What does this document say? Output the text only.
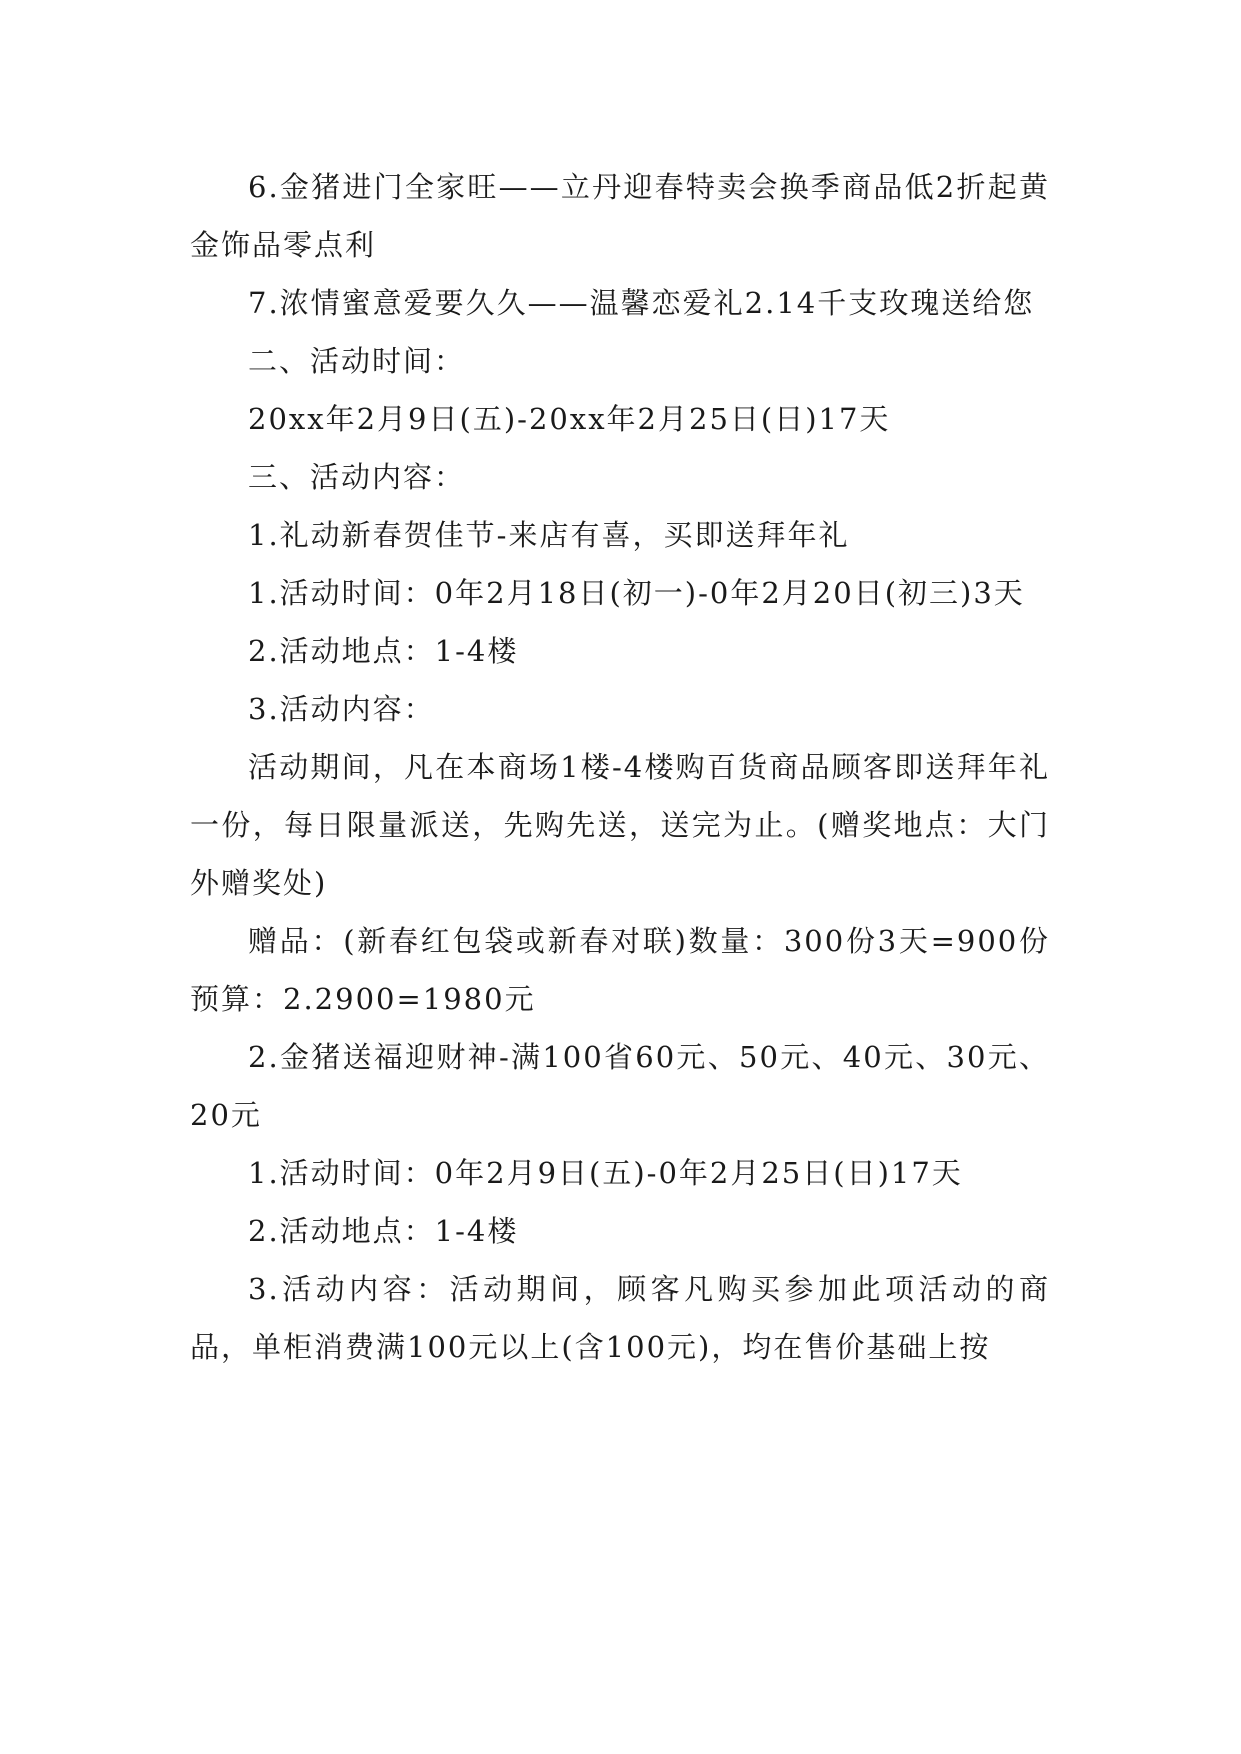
6.金猪进门全家旺——立丹迎春特卖会换季商品低2折起黄金饰品零点利

7.浓情蜜意爱要久久——温馨恋爱礼2.14千支玫瑰送给您

二、活动时间：

20xx年2月9日(五)-20xx年2月25日(日)17天

三、活动内容：

1.礼动新春贺佳节-来店有喜，买即送拜年礼

1.活动时间：0年2月18日(初一)-0年2月20日(初三)3天

2.活动地点：1-4楼

3.活动内容：

活动期间，凡在本商场1楼-4楼购百货商品顾客即送拜年礼一份，每日限量派送，先购先送，送完为止。(赠奖地点：大门外赠奖处)

赠品：(新春红包袋或新春对联)数量：300份3天=900份预算：2.2900=1980元

2.金猪送福迎财神-满100省60元、50元、40元、30元、20元

1.活动时间：0年2月9日(五)-0年2月25日(日)17天

2.活动地点：1-4楼

3.活动内容：活动期间，顾客凡购买参加此项活动的商品，单柜消费满100元以上(含100元)，均在售价基础上按
